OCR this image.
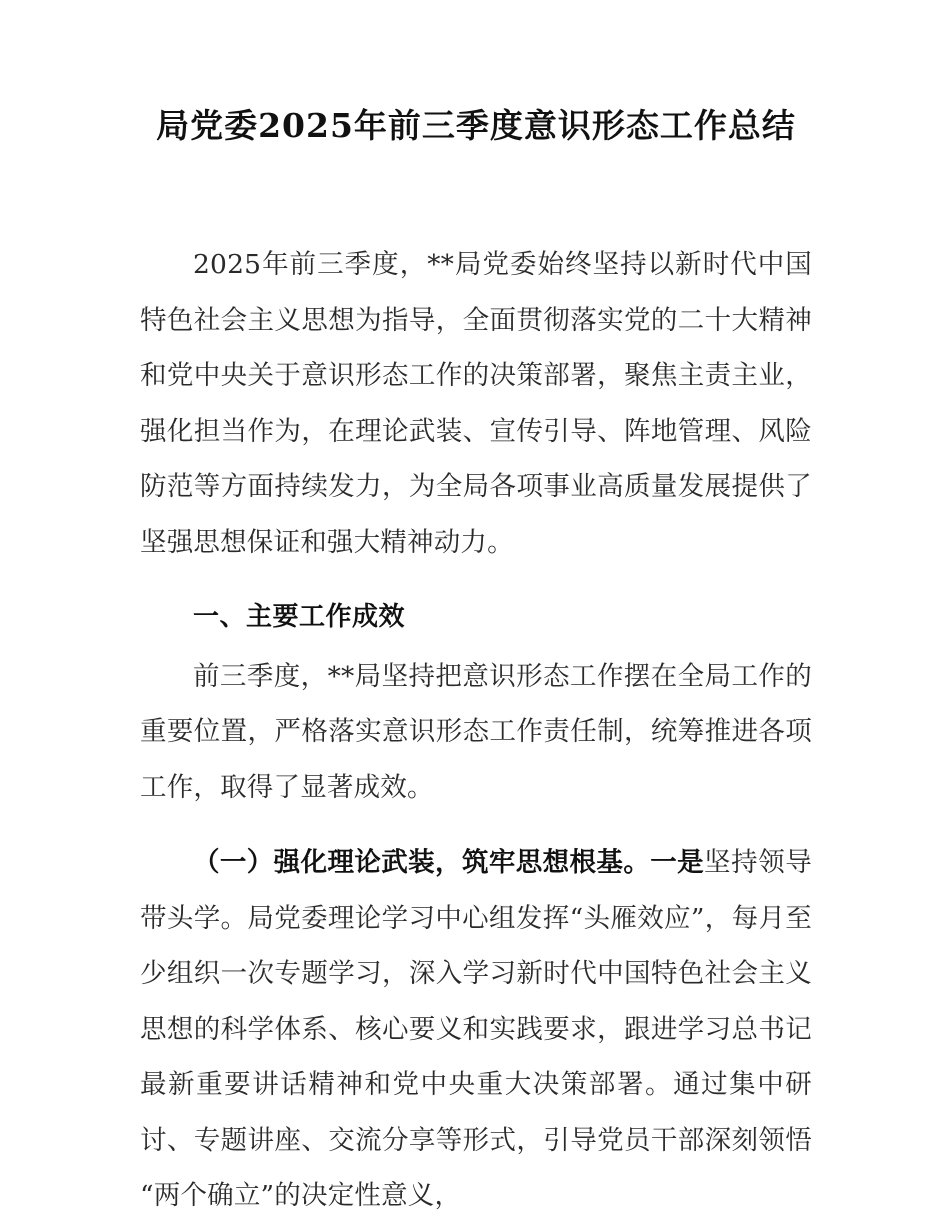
局党委2025年前三季度意识形态工作总结

2025年前三季度，**局党委始终坚持以新时代中国特色社会主义思想为指导，全面贯彻落实党的二十大精神和党中央关于意识形态工作的决策部署，聚焦主责主业，强化担当作为，在理论武装、宣传引导、阵地管理、风险防范等方面持续发力，为全局各项事业高质量发展提供了坚强思想保证和强大精神动力。

一、主要工作成效

前三季度，**局坚持把意识形态工作摆在全局工作的重要位置，严格落实意识形态工作责任制，统筹推进各项工作，取得了显著成效。

（一）强化理论武装，筑牢思想根基。一是坚持领导带头学。局党委理论学习中心组发挥“头雁效应”，每月至少组织一次专题学习，深入学习新时代中国特色社会主义思想的科学体系、核心要义和实践要求，跟进学习总书记最新重要讲话精神和党中央重大决策部署。通过集中研讨、专题讲座、交流分享等形式，引导党员干部深刻领悟“两个确立”的决定性意义，
